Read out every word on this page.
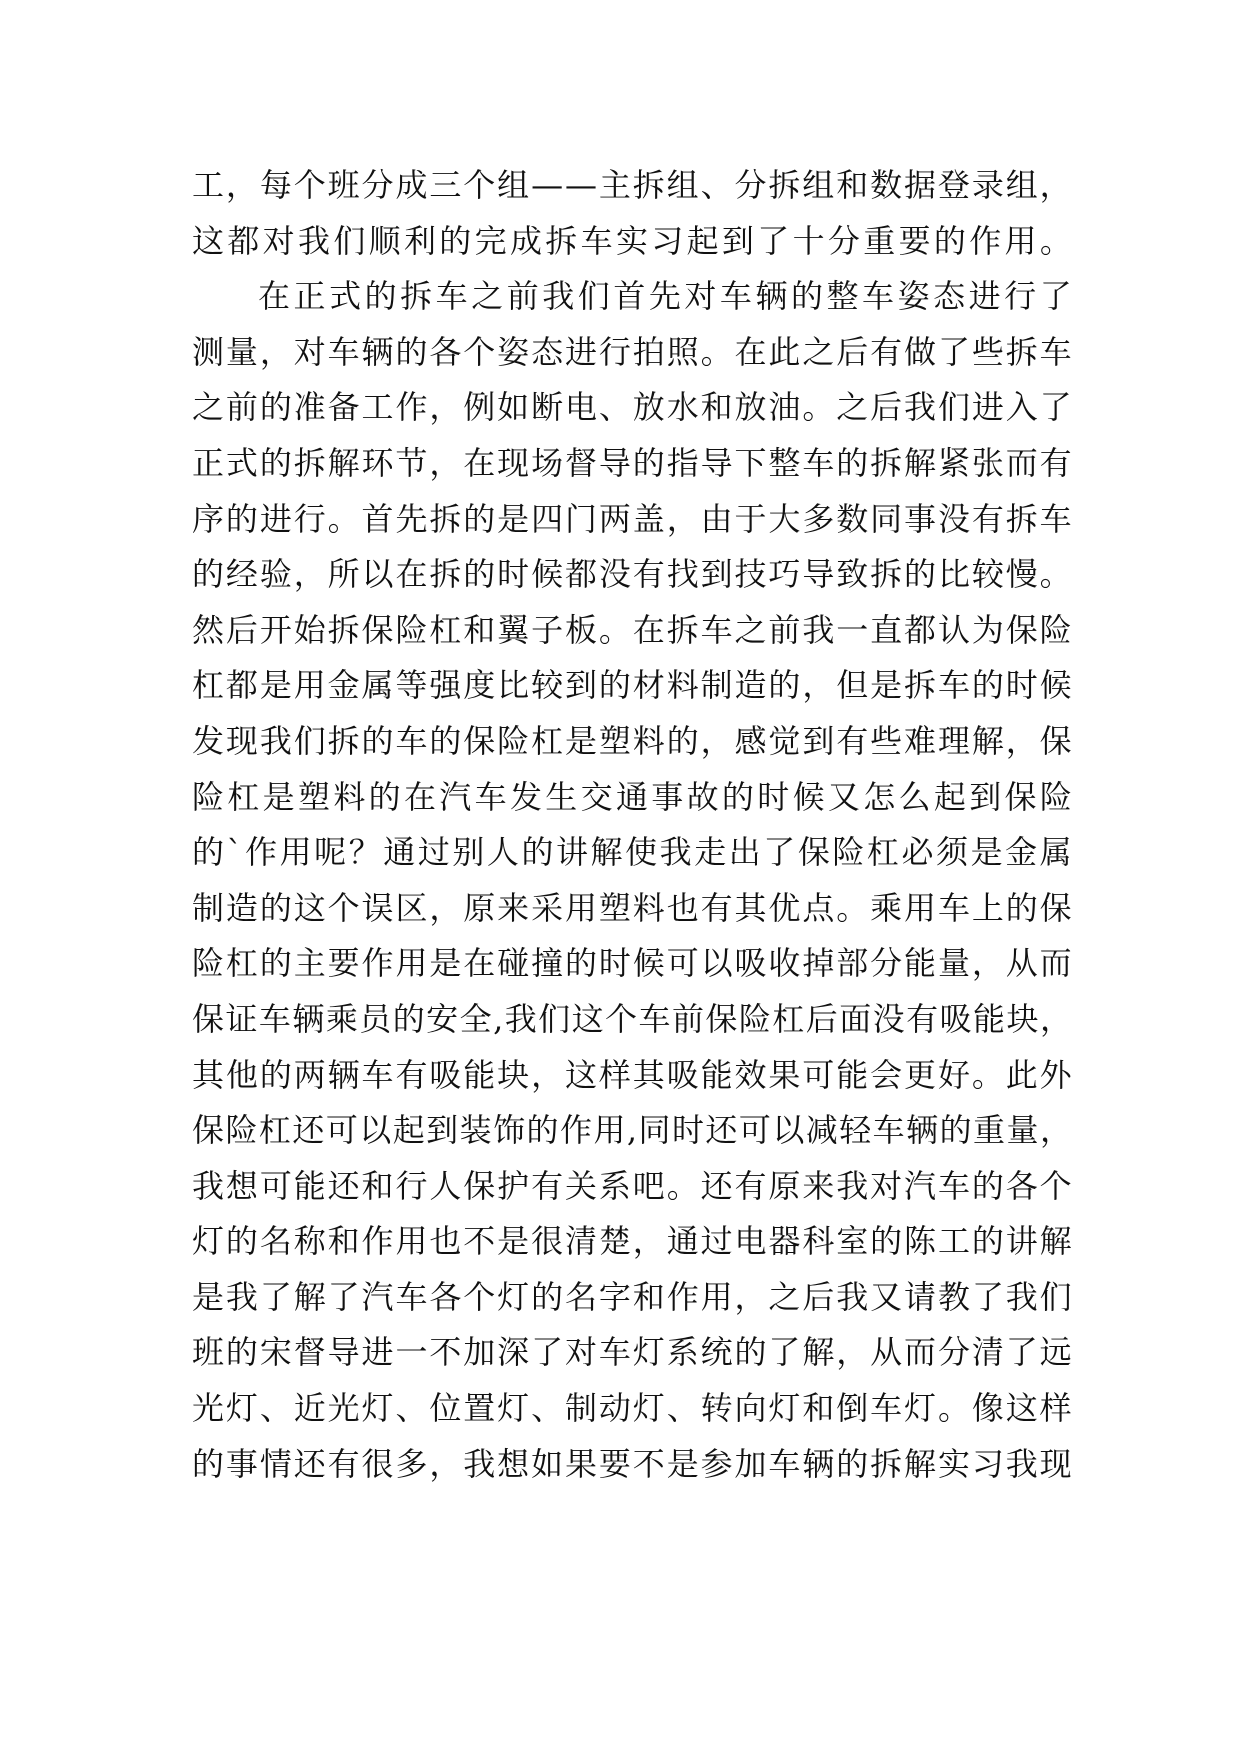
工 ， 每 个 班 分 成 三 个 组 — — 主 拆 组 、 分 拆 组 和 数 据 登 录 组 ，
这 都 对 我 们 顺 利 的 完 成 拆 车 实 习 起 到 了 十 分 重 要 的 作 用 。
在 正 式 的 拆 车 之 前 我 们 首 先 对 车 辆 的 整 车 姿 态 进 行 了
测 量 ， 对 车 辆 的 各 个 姿 态 进 行 拍 照 。 在 此 之 后 有 做 了 些 拆 车
之 前 的 准 备 工 作 ， 例 如 断 电 、 放 水 和 放 油 。 之 后 我 们 进 入 了
正 式 的 拆 解 环 节 ， 在 现 场 督 导 的 指 导 下 整 车 的 拆 解 紧 张 而 有
序 的 进 行 。 首 先 拆 的 是 四 门 两 盖 ， 由 于 大 多 数 同 事 没 有 拆 车
的 经 验 ， 所 以 在 拆 的 时 候 都 没 有 找 到 技 巧 导 致 拆 的 比 较 慢 。
然 后 开 始 拆 保 险 杠 和 翼 子 板 。 在 拆 车 之 前 我 一 直 都 认 为 保 险
杠 都 是 用 金 属 等 强 度 比 较 到 的 材 料 制 造 的 ， 但 是 拆 车 的 时 候
发 现 我 们 拆 的 车 的 保 险 杠 是 塑 料 的 ， 感 觉 到 有 些 难 理 解 ， 保
险 杠 是 塑 料 的 在 汽 车 发 生 交 通 事 故 的 时 候 又 怎 么 起 到 保 险
的 ` 作 用 呢 ？ 通 过 别 人 的 讲 解 使 我 走 出 了 保 险 杠 必 须 是 金 属
制 造 的 这 个 误 区 ， 原 来 采 用 塑 料 也 有 其 优 点 。 乘 用 车 上 的 保
险 杠 的 主 要 作 用 是 在 碰 撞 的 时 候 可 以 吸 收 掉 部 分 能 量 ， 从 而
保 证 车 辆 乘 员 的 安 全 , 我 们 这 个 车 前 保 险 杠 后 面 没 有 吸 能 块 ，
其 他 的 两 辆 车 有 吸 能 块 ， 这 样 其 吸 能 效 果 可 能 会 更 好 。 此 外
保 险 杠 还 可 以 起 到 装 饰 的 作 用 , 同 时 还 可 以 减 轻 车 辆 的 重 量 ，
我 想 可 能 还 和 行 人 保 护 有 关 系 吧 。 还 有 原 来 我 对 汽 车 的 各 个
灯 的 名 称 和 作 用 也 不 是 很 清 楚 ， 通 过 电 器 科 室 的 陈 工 的 讲 解
是 我 了 解 了 汽 车 各 个 灯 的 名 字 和 作 用 ， 之 后 我 又 请 教 了 我 们
班 的 宋 督 导 进 一 不 加 深 了 对 车 灯 系 统 的 了 解 ， 从 而 分 清 了 远
光 灯 、 近 光 灯 、 位 置 灯 、 制 动 灯 、 转 向 灯 和 倒 车 灯 。 像 这 样
的 事 情 还 有 很 多 ， 我 想 如 果 要 不 是 参 加 车 辆 的 拆 解 实 习 我 现
